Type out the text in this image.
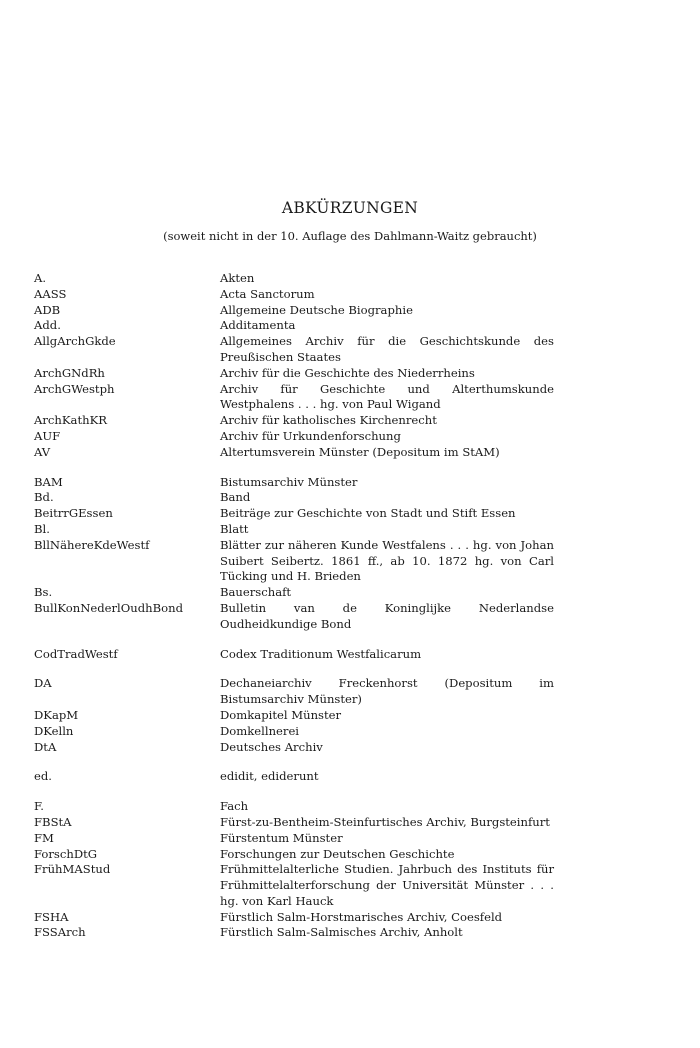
ABKÜRZUNGEN
(soweit nicht in der 10. Auflage des Dahlmann-Waitz gebraucht)
A.	Akten
AASS	Acta Sanctorum
ADB	Allgemeine Deutsche Biographie
Add.	Additamenta
AllgArchGkde	Allgemeines Archiv für die Geschichtskunde des Preußischen Staates
ArchGNdRh	Archiv für die Geschichte des Niederrheins
ArchGWestph	Archiv für Geschichte und Alterthumskunde Westphalens . . . hg. von Paul Wigand
ArchKathKR	Archiv für katholisches Kirchenrecht
AUF	Archiv für Urkundenforschung
AV	Altertumsverein Münster (Depositum im StAM)
BAM	Bistumsarchiv Münster
Bd.	Band
BeitrrGEssen	Beiträge zur Geschichte von Stadt und Stift Essen
Bl.	Blatt
BllNähereKdeWestf	Blätter zur näheren Kunde Westfalens . . . hg. von Johan Suibert Seibertz. 1861 ff., ab 10. 1872 hg. von Carl Tücking und H. Brieden
Bs.	Bauerschaft
BullKonNederlOudhBond	Bulletin van de Koninglijke Nederlandse Oudheidkundige Bond
CodTradWestf	Codex Traditionum Westfalicarum
DA	Dechaneiarchiv Freckenhorst (Depositum im Bistumsarchiv Münster)
DKapM	Domkapitel Münster
DKelln	Domkellnerei
DtA	Deutsches Archiv
ed.	edidit, ediderunt
F.	Fach
FBStA	Fürst-zu-Bentheim-Steinfurtisches Archiv, Burgsteinfurt
FM	Fürstentum Münster
ForschDtG	Forschungen zur Deutschen Geschichte
FrühMAStud	Frühmittelalterliche Studien. Jahrbuch des Instituts für Frühmittelalterforschung der Universität Münster . . . hg. von Karl Hauck
FSHA	Fürstlich Salm-Horstmarisches Archiv, Coesfeld
FSSArch	Fürstlich Salm-Salmisches Archiv, Anholt
